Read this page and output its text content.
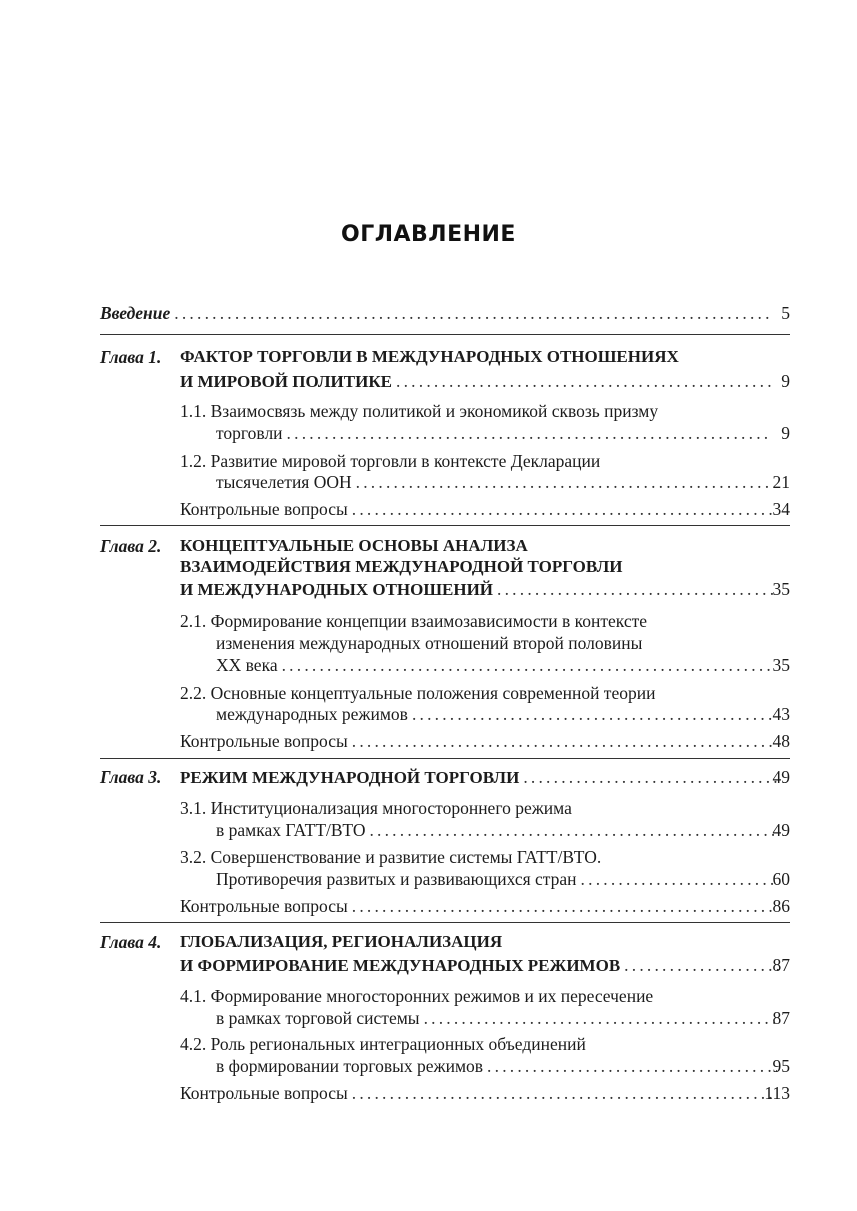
ОГЛАВЛЕНИЕ
Введение .....	5
Глава 1. ФАКТОР ТОРГОВЛИ В МЕЖДУНАРОДНЫХ ОТНОШЕНИЯХ
И МИРОВОЙ ПОЛИТИКЕ .....	9
1.1.
Взаимосвязь между политикой и экономикой сквозь призму
торговли .....	9
1.2.
Развитие мировой торговли в контексте Декларации
тысячелетия ООН .....	21
Контрольные вопросы .....	34
Глава 2. КОНЦЕПТУАЛЬНЫЕ ОСНОВЫ АНАЛИЗА
ВЗАИМОДЕЙСТВИЯ МЕЖДУНАРОДНОЙ ТОРГОВЛИ
И МЕЖДУНАРОДНЫХ ОТНОШЕНИЙ .....	35
2.1.
Формирование концепции взаимозависимости в контексте
изменения международных отношений второй половины
XX века .....	35
2.2.
Основные концептуальные положения современной теории
международных режимов .....	43
Контрольные вопросы .....	48
Глава 3. РЕЖИМ МЕЖДУНАРОДНОЙ ТОРГОВЛИ .....	49
3.1.
Институционализация многостороннего режима
в рамках ГАТТ/ВТО .....	49
3.2.
Совершенствование и развитие системы ГАТТ/ВТО.
Противоречия развитых и развивающихся стран .....	60
Контрольные вопросы .....	86
Глава 4. ГЛОБАЛИЗАЦИЯ, РЕГИОНАЛИЗАЦИЯ
И ФОРМИРОВАНИЕ МЕЖДУНАРОДНЫХ РЕЖИМОВ .....	87
4.1.
Формирование многосторонних режимов и их пересечение
в рамках торговой системы .....	87
4.2.
Роль региональных интеграционных объединений
в формировании торговых режимов .....	95
Контрольные вопросы .....	113
